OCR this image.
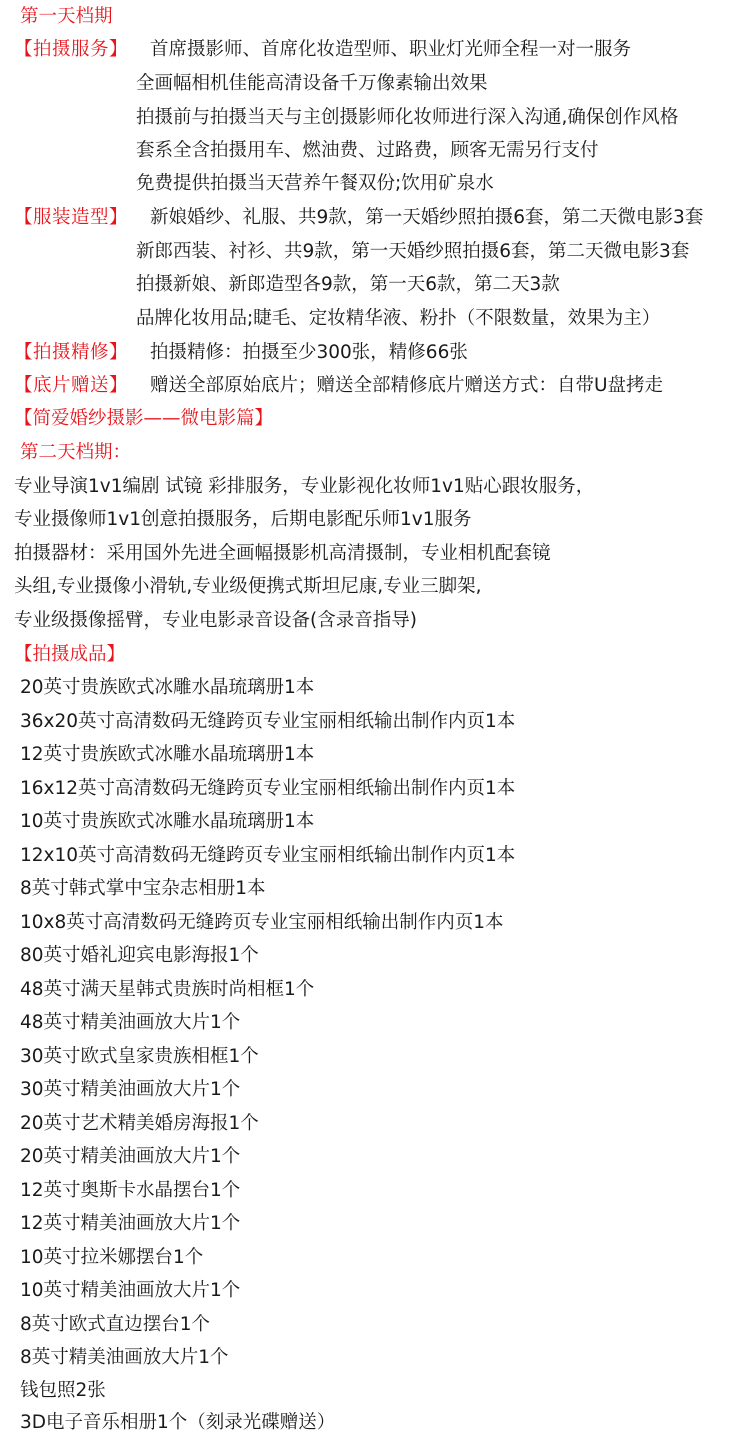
第一天档期
【拍摄服务】 首席摄影师、首席化妆造型师、职业灯光师全程一对一服务
全画幅相机佳能高清设备千万像素输出效果
拍摄前与拍摄当天与主创摄影师化妆师进行深入沟通,确保创作风格
套系全含拍摄用车、燃油费、过路费，顾客无需另行支付
免费提供拍摄当天营养午餐双份;饮用矿泉水
【服装造型】 新娘婚纱、礼服、共9款，第一天婚纱照拍摄6套，第二天微电影3套
新郎西装、衬衫、共9款，第一天婚纱照拍摄6套，第二天微电影3套
拍摄新娘、新郎造型各9款，第一天6款，第二天3款
品牌化妆用品;睫毛、定妆精华液、粉扑（不限数量，效果为主）
【拍摄精修】 拍摄精修：拍摄至少300张，精修66张
【底片赠送】 赠送全部原始底片；赠送全部精修底片赠送方式：自带U盘拷走
【简爱婚纱摄影——微电影篇】
第二天档期：
专业导演1v1编剧 试镜 彩排服务，专业影视化妆师1v1贴心跟妆服务，
专业摄像师1v1创意拍摄服务，后期电影配乐师1v1服务
拍摄器材：采用国外先进全画幅摄影机高清摄制，专业相机配套镜
头组,专业摄像小滑轨,专业级便携式斯坦尼康,专业三脚架,
专业级摄像摇臂，专业电影录音设备(含录音指导)
【拍摄成品】
20英寸贵族欧式冰雕水晶琉璃册1本
36x20英寸高清数码无缝跨页专业宝丽相纸输出制作内页1本
12英寸贵族欧式冰雕水晶琉璃册1本
16x12英寸高清数码无缝跨页专业宝丽相纸输出制作内页1本
10英寸贵族欧式冰雕水晶琉璃册1本
12x10英寸高清数码无缝跨页专业宝丽相纸输出制作内页1本
8英寸韩式掌中宝杂志相册1本
10x8英寸高清数码无缝跨页专业宝丽相纸输出制作内页1本
80英寸婚礼迎宾电影海报1个
48英寸满天星韩式贵族时尚相框1个
48英寸精美油画放大片1个
30英寸欧式皇家贵族相框1个
30英寸精美油画放大片1个
20英寸艺术精美婚房海报1个
20英寸精美油画放大片1个
12英寸奥斯卡水晶摆台1个
12英寸精美油画放大片1个
10英寸拉米娜摆台1个
10英寸精美油画放大片1个
8英寸欧式直边摆台1个
8英寸精美油画放大片1个
钱包照2张
3D电子音乐相册1个（刻录光碟赠送）
